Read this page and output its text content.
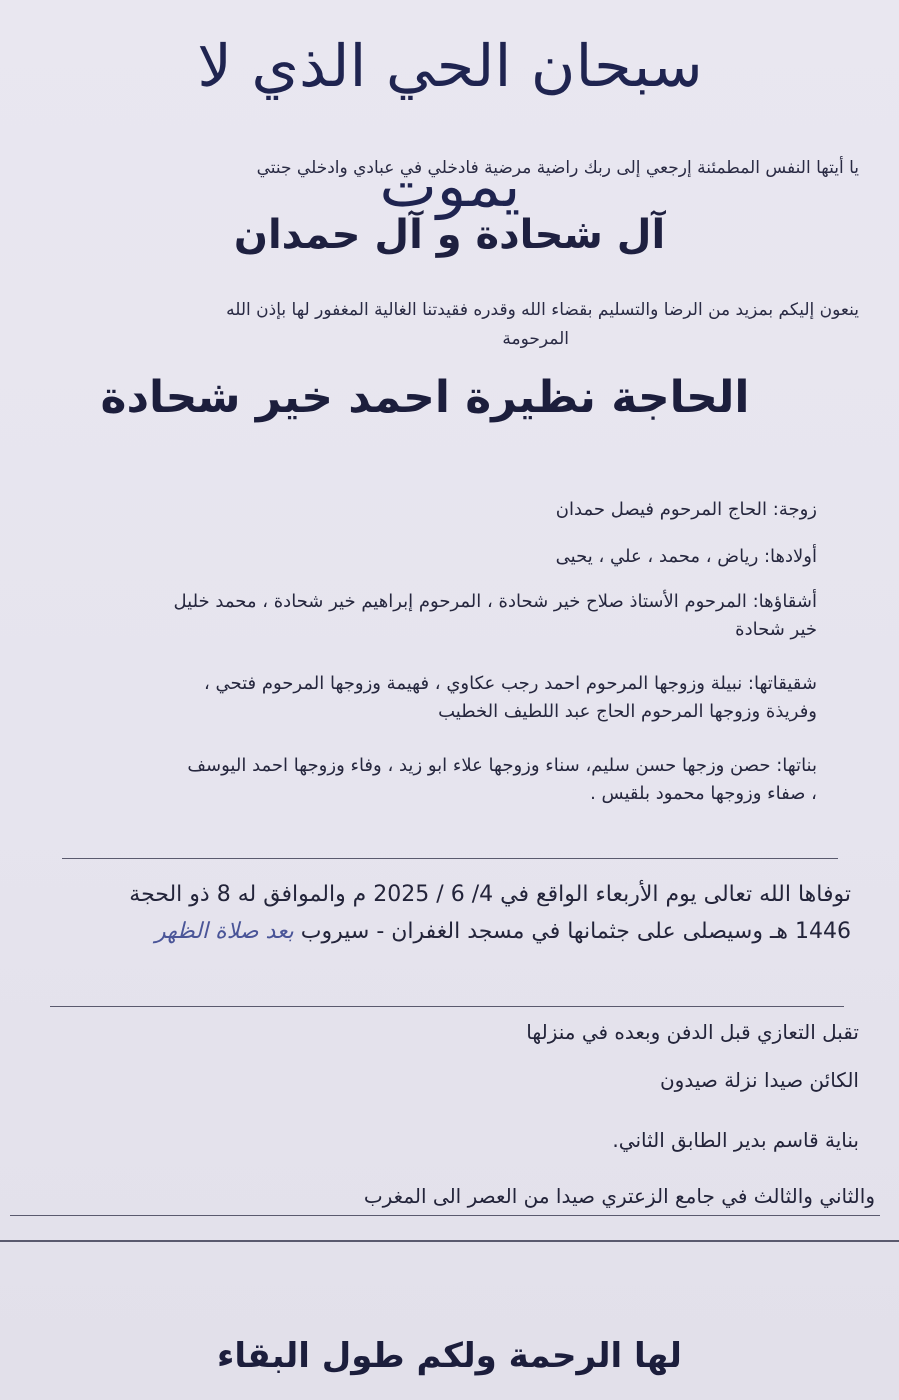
سبحان الحي الذي لا يموت
يا أيتها النفس المطمئنة إرجعي إلى ربك راضية مرضية فادخلي في عبادي وادخلي جنتي
آل شحادة و آل حمدان
ينعون إليكم بمزيد من الرضا والتسليم بقضاء الله وقدره فقيدتنا الغالية المغفور لها بإذن الله
المرحومة
الحاجة نظيرة احمد خير شحادة
زوجة: الحاج المرحوم فيصل حمدان
أولادها: رياض ، محمد ، علي ، يحيى
أشقاؤها: المرحوم الأستاذ صلاح خير شحادة ، المرحوم إبراهيم خير شحادة ، محمد خليل
خير شحادة
شقيقاتها: نبيلة وزوجها المرحوم احمد رجب عكاوي ، فهيمة وزوجها المرحوم فتحي ،
وفريذة وزوجها المرحوم الحاج عبد اللطيف الخطيب
بناتها: حصن وزجها حسن سليم، سناء وزوجها علاء ابو زيد ، وفاء وزوجها احمد اليوسف
، صفاء وزوجها محمود بلقيس .
توفاها الله تعالى يوم الأربعاء الواقع في 4/ 6 / 2025 م والموافق له 8 ذو الحجة
1446 هـ وسيصلى على جثمانها في مسجد الغفران - سيروب بعد صلاة الظهر
تقبل التعازي قبل الدفن وبعده في منزلها
الكائن صيدا نزلة صيدون
بناية قاسم بدير الطابق الثاني.
والثاني والثالث في جامع الزعتري صيدا من العصر الى المغرب
لها الرحمة ولكم طول البقاء
